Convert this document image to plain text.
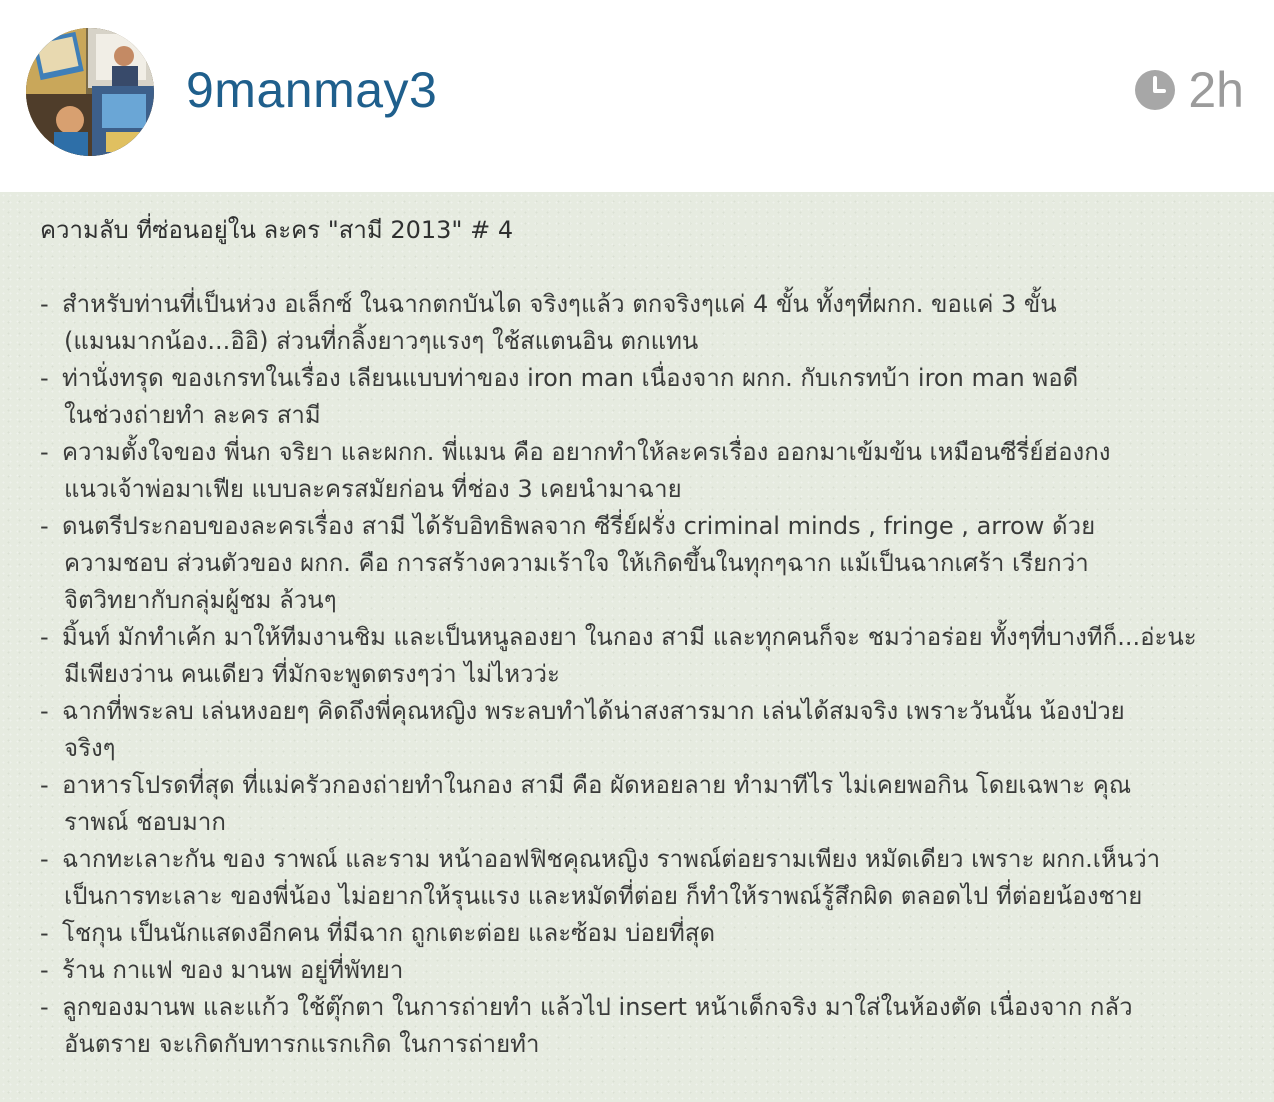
9manmay3	2h
ความลับ ที่ซ่อนอยู่ใน ละคร "สามี 2013" # 4
- สำหรับท่านที่เป็นห่วง อเล็กซ์ ในฉากตกบันได จริงๆแล้ว ตกจริงๆแค่ 4 ขั้น ทั้งๆที่ผกก. ขอแค่ 3 ขั้น
(แมนมากน้อง...อิอิ) ส่วนที่กลิ้งยาวๆแรงๆ ใช้สแตนอิน ตกแทน
- ท่านั่งทรุด ของเกรทในเรื่อง เลียนแบบท่าของ iron man เนื่องจาก ผกก. กับเกรทบ้า iron man พอดี
ในช่วงถ่ายทำ ละคร สามี
- ความตั้งใจของ พี่นก จริยา และผกก. พี่แมน คือ อยากทำให้ละครเรื่อง ออกมาเข้มข้น เหมือนซีรี่ย์ฮ่องกง
แนวเจ้าพ่อมาเฟีย แบบละครสมัยก่อน ที่ช่อง 3 เคยนำมาฉาย
- ดนตรีประกอบของละครเรื่อง สามี ได้รับอิทธิพลจาก ซีรี่ย์ฝรั่ง criminal minds , fringe , arrow ด้วย
ความชอบ ส่วนตัวของ ผกก. คือ การสร้างความเร้าใจ ให้เกิดขึ้นในทุกๆฉาก แม้เป็นฉากเศร้า เรียกว่า
จิตวิทยากับกลุ่มผู้ชม ล้วนๆ
- มิ้นท์ มักทำเค้ก มาให้ทีมงานชิม และเป็นหนูลองยา ในกอง สามี และทุกคนก็จะ ชมว่าอร่อย ทั้งๆที่บางทีก็...อ่ะนะ
มีเพียงว่าน คนเดียว ที่มักจะพูดตรงๆว่า ไม่ไหวว่ะ
- ฉากที่พระลบ เล่นหงอยๆ คิดถึงพี่คุณหญิง พระลบทำได้น่าสงสารมาก เล่นได้สมจริง เพราะวันนั้น น้องป่วย
จริงๆ
- อาหารโปรดที่สุด ที่แม่ครัวกองถ่ายทำในกอง สามี คือ ผัดหอยลาย ทำมาทีไร ไม่เคยพอกิน โดยเฉพาะ คุณ
ราพณ์ ชอบมาก
- ฉากทะเลาะกัน ของ ราพณ์ และราม หน้าออฟฟิชคุณหญิง ราพณ์ต่อยรามเพียง หมัดเดียว เพราะ ผกก.เห็นว่า
เป็นการทะเลาะ ของพี่น้อง ไม่อยากให้รุนแรง และหมัดที่ต่อย ก็ทำให้ราพณ์รู้สึกผิด ตลอดไป ที่ต่อยน้องชาย
- โชกุน เป็นนักแสดงอีกคน ที่มีฉาก ถูกเตะต่อย และซ้อม บ่อยที่สุด
- ร้าน กาแฟ ของ มานพ อยู่ที่พัทยา
- ลูกของมานพ และแก้ว ใช้ตุ๊กตา ในการถ่ายทำ แล้วไป insert หน้าเด็กจริง มาใส่ในห้องตัด เนื่องจาก กลัว
อันตราย จะเกิดกับทารกแรกเกิด ในการถ่ายทำ
